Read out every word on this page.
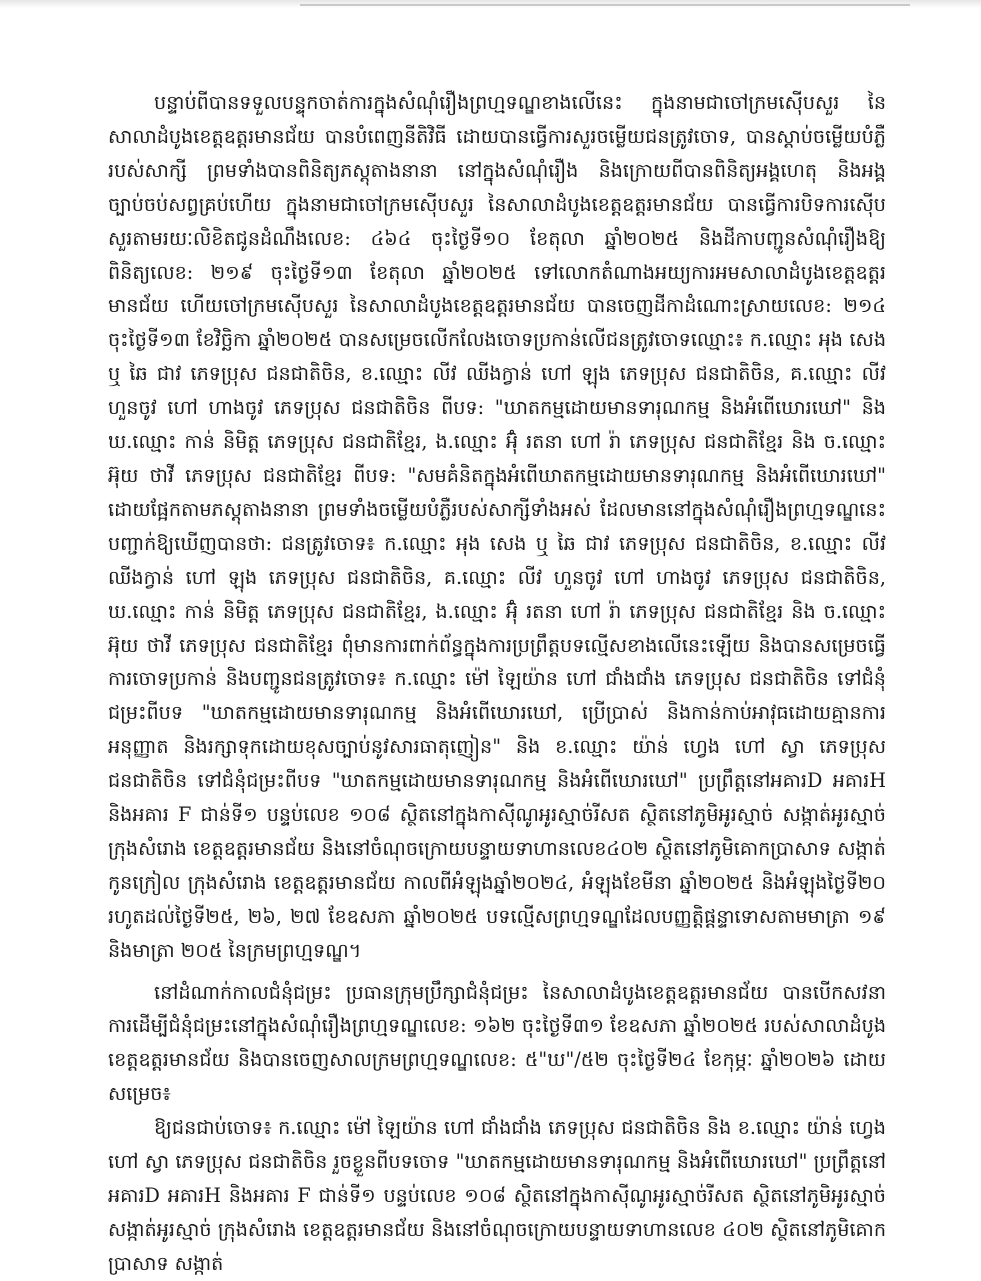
បន្ទាប់ពីបានទទួលបន្ទុកចាត់ការក្នុងសំណុំរឿងព្រហ្មទណ្ឌខាងលើនេះ ក្នុងនាមជាចៅក្រមស៊ើបសួរ នៃសាលាដំបូងខេត្តឧត្តរមានជ័យ បានបំពេញនីតិវិធី ដោយបានធ្វើការសួរចម្លើយជនត្រូវចោទ, បានស្តាប់ចម្លើយបំភ្លឺរបស់សាក្សី ព្រមទាំងបានពិនិត្យភស្តុតាងនានា នៅក្នុងសំណុំរឿង និងក្រោយពីបានពិនិត្យអង្គហេតុ និងអង្គច្បាប់ចប់សព្វគ្រប់ហើយ ក្នុងនាមជាចៅក្រមស៊ើបសួរ នៃសាលាដំបូងខេត្តឧត្តរមានជ័យ បានធ្វើការបិទការស៊ើបសួរតាមរយៈលិខិតជូនដំណឹងលេខ: ៤៦៤ ចុះថ្ងៃទី១០ ខែតុលា ឆ្នាំ២០២៥ និងដីកាបញ្ជូនសំណុំរឿងឱ្យពិនិត្យលេខ: ២១៩ ចុះថ្ងៃទី១៣ ខែតុលា ឆ្នាំ២០២៥ ទៅលោកតំណាងអយ្យការអមសាលាដំបូងខេត្តឧត្តរមានជ័យ ហើយចៅក្រមស៊ើបសួរ នៃសាលាដំបូងខេត្តឧត្តរមានជ័យ បានចេញដីកាដំណោះស្រាយលេខ: ២១៤ ចុះថ្ងៃទី១៣ ខែវិច្ឆិកា ឆ្នាំ២០២៥ បានសម្រេចលើកលែងចោទប្រកាន់លើជនត្រូវចោទឈ្មោះ៖ ក.ឈ្មោះ អុង សេង ឬ ឆៃ ជាវ ភេទប្រុស ជនជាតិចិន, ខ.ឈ្មោះ លីវ ឈីងក្វាន់ ហៅ ឡុង ភេទប្រុស ជនជាតិចិន, គ.ឈ្មោះ លីវ ហួនចូវ ហៅ ហាងចូវ ភេទប្រុស ជនជាតិចិន ពីបទ: "ឃាតកម្មដោយមានទារុណកម្ម និងអំពើឃោរឃៅ" និង ឃ.ឈ្មោះ កាន់ និមិត្ត ភេទប្រុស ជនជាតិខ្មែរ, ង.ឈ្មោះ អ៊ុំ រតនា ហៅ រ៉ា ភេទប្រុស ជនជាតិខ្មែរ និង ច.ឈ្មោះ អ៊ុយ ថាវី ភេទប្រុស ជនជាតិខ្មែរ ពីបទ: "សមគំនិតក្នុងអំពើឃាតកម្មដោយមានទារុណកម្ម និងអំពើឃោរឃៅ" ដោយផ្អែកតាមភស្តុតាងនានា ព្រមទាំងចម្លើយបំភ្លឺរបស់សាក្សីទាំងអស់ ដែលមាននៅក្នុងសំណុំរឿងព្រហ្មទណ្ឌនេះ បញ្ជាក់ឱ្យឃើញបានថា: ជនត្រូវចោទ៖ ក.ឈ្មោះ អុង សេង ឬ ឆៃ ជាវ ភេទប្រុស ជនជាតិចិន, ខ.ឈ្មោះ លីវ ឈីងក្វាន់ ហៅ ឡុង ភេទប្រុស ជនជាតិចិន, គ.ឈ្មោះ លីវ ហួនចូវ ហៅ ហាងចូវ ភេទប្រុស ជនជាតិចិន, ឃ.ឈ្មោះ កាន់ និមិត្ត ភេទប្រុស ជនជាតិខ្មែរ, ង.ឈ្មោះ អ៊ុំ រតនា ហៅ រ៉ា ភេទប្រុស ជនជាតិខ្មែរ និង ច.ឈ្មោះ អ៊ុយ ថាវី ភេទប្រុស ជនជាតិខ្មែរ ពុំមានការពាក់ព័ន្ធក្នុងការប្រព្រឹត្តបទល្មើសខាងលើនេះឡើយ និងបានសម្រេចធ្វើការចោទប្រកាន់ និងបញ្ជូនជនត្រូវចោទ៖ ក.ឈ្មោះ ម៉ៅ ឡៃយ៉ាន ហៅ ជាំងជាំង ភេទប្រុស ជនជាតិចិន ទៅជំនុំជម្រះពីបទ "ឃាតកម្មដោយមានទារុណកម្ម និងអំពើឃោរឃៅ, ប្រើប្រាស់ និងកាន់កាប់អាវុធដោយគ្មានការអនុញ្ញាត និងរក្សាទុកដោយខុសច្បាប់នូវសារធាតុញៀន" និង ខ.ឈ្មោះ យ៉ាន់ ហ្វេង ហៅ ស្វា ភេទប្រុស ជនជាតិចិន ទៅជំនុំជម្រះពីបទ "ឃាតកម្មដោយមានទារុណកម្ម និងអំពើឃោរឃៅ" ប្រព្រឹត្តនៅអគារD អគារH និងអគារ F ជាន់ទី១ បន្ទប់លេខ ១០៨ ស្ថិតនៅក្នុងកាស៊ីណូអូរស្មាច់រីសត ស្ថិតនៅភូមិអូរស្មាច់ សង្កាត់អូរស្មាច់ ក្រុងសំរោង ខេត្តឧត្តរមានជ័យ និងនៅចំណុចក្រោយបន្ទាយទាហានលេខ៤០២ ស្ថិតនៅភូមិគោកប្រាសាទ សង្កាត់កូនក្រៀល ក្រុងសំរោង ខេត្តឧត្តរមានជ័យ កាលពីអំឡុងឆ្នាំ២០២៤, អំឡុងខែមីនា ឆ្នាំ២០២៥ និងអំឡុងថ្ងៃទី២០ រហូតដល់ថ្ងៃទី២៥, ២៦, ២៧ ខែឧសភា ឆ្នាំ២០២៥ បទល្មើសព្រហ្មទណ្ឌដែលបញ្ញត្តិផ្តន្ទាទោសតាមមាត្រា ១៩ និងមាត្រា ២០៥ នៃក្រមព្រហ្មទណ្ឌ។

នៅដំណាក់កាលជំនុំជម្រះ ប្រធានក្រុមប្រឹក្សាជំនុំជម្រះ នៃសាលាដំបូងខេត្តឧត្តរមានជ័យ បានបើកសវនាការដើម្បីជំនុំជម្រះនៅក្នុងសំណុំរឿងព្រហ្មទណ្ឌលេខ: ១៦២ ចុះថ្ងៃទី៣១ ខែឧសភា ឆ្នាំ២០២៥ របស់សាលាដំបូងខេត្តឧត្តរមានជ័យ និងបានចេញសាលក្រមព្រហ្មទណ្ឌលេខ: ៥"ឃ"/៥២ ចុះថ្ងៃទី២៤ ខែកុម្ភៈ ឆ្នាំ២០២៦ ដោយសម្រេច៖

ឱ្យជនជាប់ចោទ៖ ក.ឈ្មោះ ម៉ៅ ឡៃយ៉ាន ហៅ ជាំងជាំង ភេទប្រុស ជនជាតិចិន និង ខ.ឈ្មោះ យ៉ាន់ ហ្វេង ហៅ ស្វា ភេទប្រុស ជនជាតិចិន រួចខ្លួនពីបទចោទ "ឃាតកម្មដោយមានទារុណកម្ម និងអំពើឃោរឃៅ" ប្រព្រឹត្តនៅអគារD អគារH និងអគារ F ជាន់ទី១ បន្ទប់លេខ ១០៨ ស្ថិតនៅក្នុងកាស៊ីណូអូរស្មាច់រីសត ស្ថិតនៅភូមិអូរស្មាច់ សង្កាត់អូរស្មាច់ ក្រុងសំរោង ខេត្តឧត្តរមានជ័យ និងនៅចំណុចក្រោយបន្ទាយទាហានលេខ ៤០២ ស្ថិតនៅភូមិគោកប្រាសាទ សង្កាត់
